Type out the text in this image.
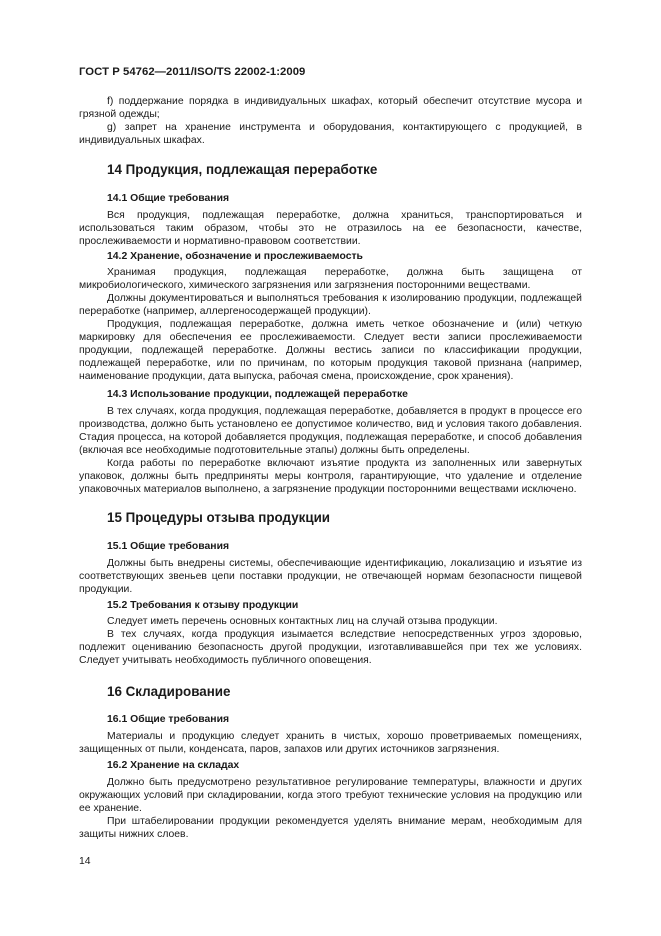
ГОСТ Р 54762—2011/ISO/TS 22002-1:2009

f) поддержание порядка в индивидуальных шкафах, который обеспечит отсутствие мусора и грязной одежды;

g) запрет на хранение инструмента и оборудования, контактирующего с продукцией, в индивидуальных шкафах.

14 Продукция, подлежащая переработке
14.1 Общие требования

Вся продукция, подлежащая переработке, должна храниться, транспортироваться и использоваться таким образом, чтобы это не отразилось на ее безопасности, качестве, прослеживаемости и нормативно-правовом соответствии.

14.2 Хранение, обозначение и прослеживаемость

Хранимая продукция, подлежащая переработке, должна быть защищена от микробиологического, химического загрязнения или загрязнения посторонними веществами.

Должны документироваться и выполняться требования к изолированию продукции, подлежащей переработке (например, аллергеносодержащей продукции).

Продукция, подлежащая переработке, должна иметь четкое обозначение и (или) четкую маркировку для обеспечения ее прослеживаемости. Следует вести записи прослеживаемости продукции, подлежащей переработке. Должны вестись записи по классификации продукции, подлежащей переработке, или по причинам, по которым продукция таковой признана (например, наименование продукции, дата выпуска, рабочая смена, происхождение, срок хранения).

14.3 Использование продукции, подлежащей переработке

В тех случаях, когда продукция, подлежащая переработке, добавляется в продукт в процессе его производства, должно быть установлено ее допустимое количество, вид и условия такого добавления. Стадия процесса, на которой добавляется продукция, подлежащая переработке, и способ добавления (включая все необходимые подготовительные этапы) должны быть определены.

Когда работы по переработке включают изъятие продукта из заполненных или завернутых упаковок, должны быть предприняты меры контроля, гарантирующие, что удаление и отделение упаковочных материалов выполнено, а загрязнение продукции посторонними веществами исключено.

15 Процедуры отзыва продукции
15.1 Общие требования

Должны быть внедрены системы, обеспечивающие идентификацию, локализацию и изъятие из соответствующих звеньев цепи поставки продукции, не отвечающей нормам безопасности пищевой продукции.

15.2 Требования к отзыву продукции

Следует иметь перечень основных контактных лиц на случай отзыва продукции.

В тех случаях, когда продукция изымается вследствие непосредственных угроз здоровью, подлежит оцениванию безопасность другой продукции, изготавливавшейся при тех же условиях. Следует учитывать необходимость публичного оповещения.

16 Складирование
16.1 Общие требования

Материалы и продукцию следует хранить в чистых, хорошо проветриваемых помещениях, защищенных от пыли, конденсата, паров, запахов или других источников загрязнения.

16.2 Хранение на складах

Должно быть предусмотрено результативное регулирование температуры, влажности и других окружающих условий при складировании, когда этого требуют технические условия на продукцию или ее хранение.

При штабелировании продукции рекомендуется уделять внимание мерам, необходимым для защиты нижних слоев.

14
